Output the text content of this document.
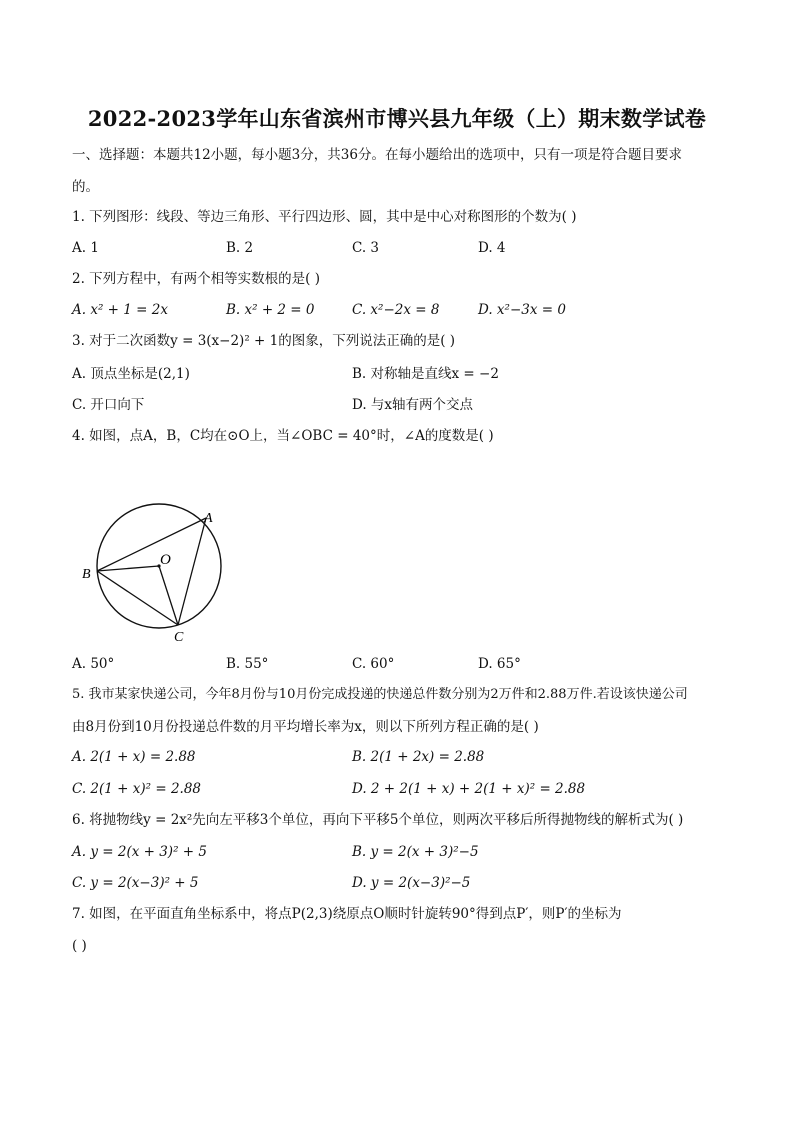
2022-2023学年山东省滨州市博兴县九年级（上）期末数学试卷
一、选择题：本题共12小题，每小题3分，共36分。在每小题给出的选项中，只有一项是符合题目要求
的。
1. 下列图形：线段、等边三角形、平行四边形、圆，其中是中心对称图形的个数为( )
A. 1	B. 2	C. 3	D. 4
2. 下列方程中，有两个相等实数根的是( )
A. x² + 1 = 2x	B. x² + 2 = 0	C. x²−2x = 8	D. x²−3x = 0
3. 对于二次函数y = 3(x−2)² + 1的图象，下列说法正确的是( )
A. 顶点坐标是(2,1)	B. 对称轴是直线x = −2
C. 开口向下	D. 与x轴有两个交点
4. 如图，点A，B，C均在⊙O上，当∠OBC = 40°时，∠A的度数是( )
A
B
C
O
A. 50°	B. 55°	C. 60°	D. 65°
5. 我市某家快递公司，今年8月份与10月份完成投递的快递总件数分别为2万件和2.88万件.若设该快递公司
由8月份到10月份投递总件数的月平均增长率为x，则以下所列方程正确的是( )
A. 2(1 + x) = 2.88	B. 2(1 + 2x) = 2.88
C. 2(1 + x)² = 2.88	D. 2 + 2(1 + x) + 2(1 + x)² = 2.88
6. 将抛物线y = 2x²先向左平移3个单位，再向下平移5个单位，则两次平移后所得抛物线的解析式为( )
A. y = 2(x + 3)² + 5	B. y = 2(x + 3)²−5
C. y = 2(x−3)² + 5	D. y = 2(x−3)²−5
7. 如图，在平面直角坐标系中，将点P(2,3)绕原点O顺时针旋转90°得到点P′，则P′的坐标为
( )
